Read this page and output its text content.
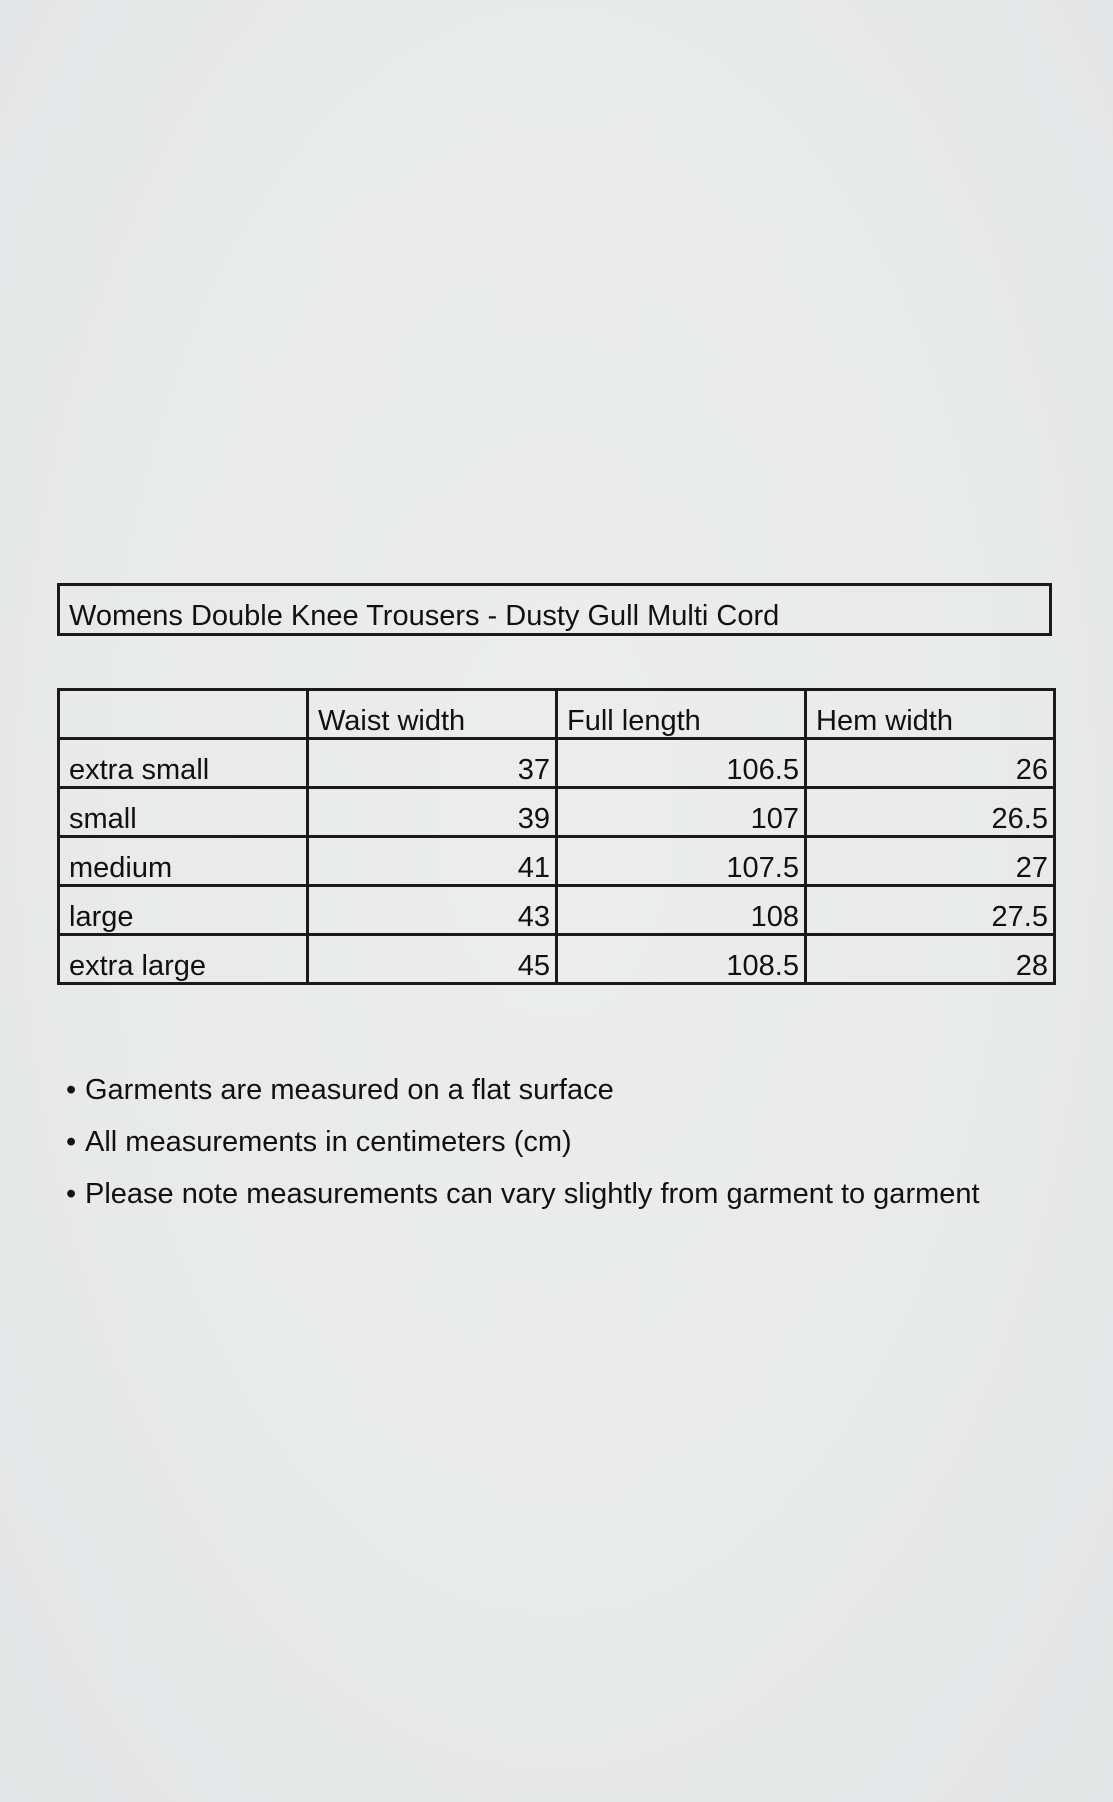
Womens Double Knee Trousers - Dusty Gull Multi Cord
	Waist width	Full length	Hem width
extra small	37	106.5	26
small	39	107	26.5
medium	41	107.5	27
large	43	108	27.5
extra large	45	108.5	28
• Garments are measured on a flat surface
• All measurements in centimeters (cm)
• Please note measurements can vary slightly from garment to garment
